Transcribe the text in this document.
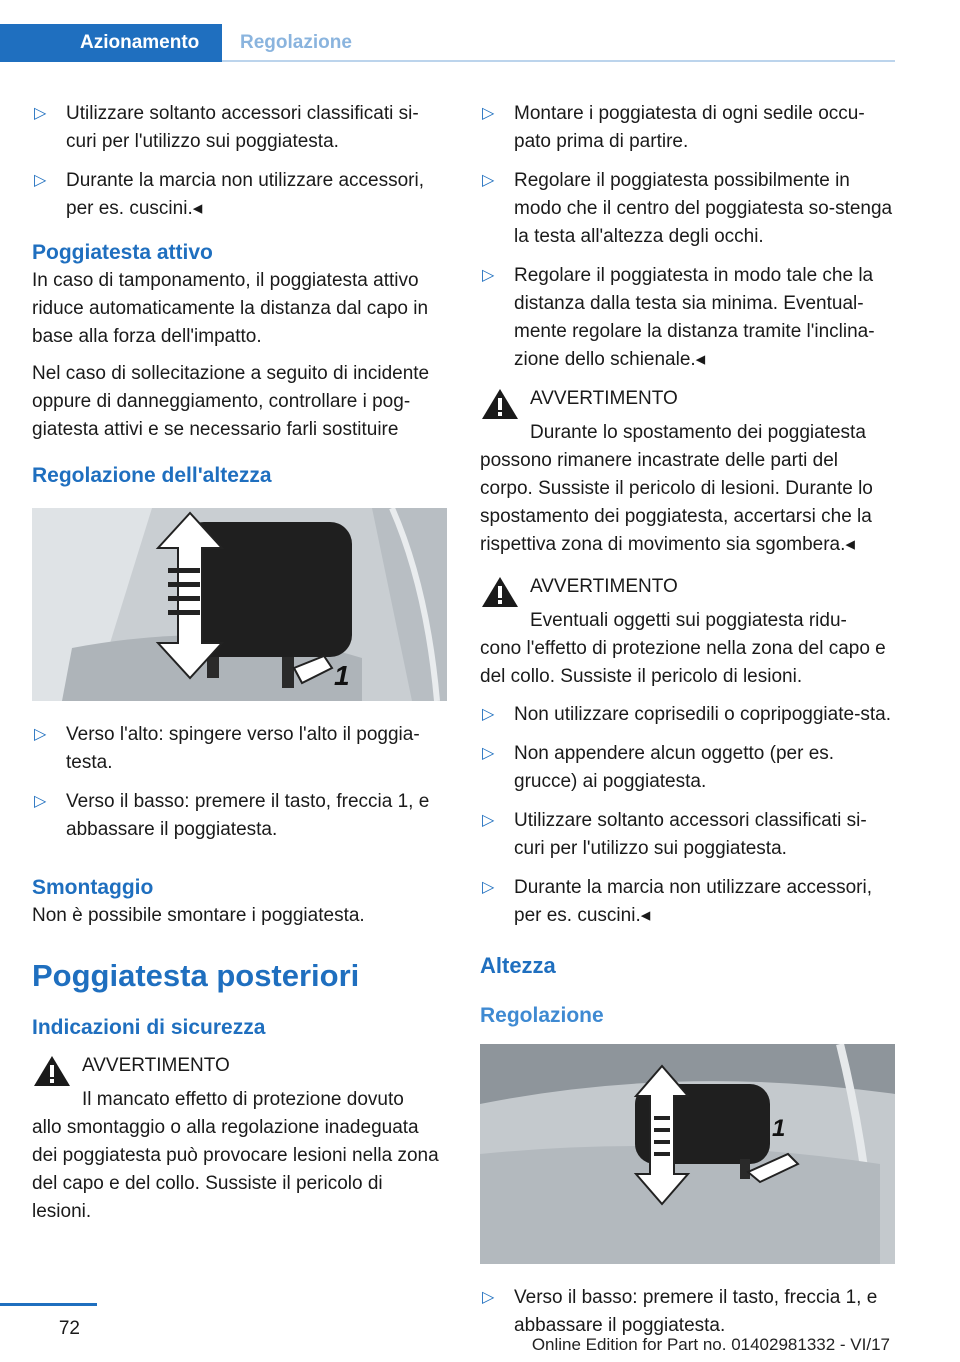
Azionamento	Regolazione
▷ Utilizzare soltanto accessori classificati si-curi per l'utilizzo sui poggiatesta.
▷ Durante la marcia non utilizzare accessori, per es. cuscini.◂
Poggiatesta attivo

In caso di tamponamento, il poggiatesta attivo riduce automaticamente la distanza dal capo in base alla forza dell'impatto.

Nel caso di sollecitazione a seguito di incidente oppure di danneggiamento, controllare i pog-giatesta attivi e se necessario farli sostituire

Regolazione dell'altezza
1
▷ Verso l'alto: spingere verso l'alto il poggia-testa.
▷ Verso il basso: premere il tasto, freccia 1, e abbassare il poggiatesta.
Smontaggio

Non è possibile smontare i poggiatesta.

Poggiatesta posteriori
Indicazioni di sicurezza
AVVERTIMENTO
Il mancato effetto di protezione dovuto
allo smontaggio o alla regolazione inadeguata dei poggiatesta può provocare lesioni nella zona del capo e del collo. Sussiste il pericolo di lesioni.
▷ Montare i poggiatesta di ogni sedile occu-pato prima di partire.
▷ Regolare il poggiatesta possibilmente in modo che il centro del poggiatesta so-stenga la testa all'altezza degli occhi.
▷ Regolare il poggiatesta in modo tale che la distanza dalla testa sia minima. Eventual-mente regolare la distanza tramite l'inclina-zione dello schienale.◂
AVVERTIMENTO
Durante lo spostamento dei poggiatesta
possono rimanere incastrate delle parti del corpo. Sussiste il pericolo di lesioni. Durante lo spostamento dei poggiatesta, accertarsi che la rispettiva zona di movimento sia sgombera.◂
AVVERTIMENTO
Eventuali oggetti sui poggiatesta ridu-
cono l'effetto di protezione nella zona del capo e del collo. Sussiste il pericolo di lesioni.
▷ Non utilizzare coprisedili o copripoggiate-sta.
▷ Non appendere alcun oggetto (per es. grucce) ai poggiatesta.
▷ Utilizzare soltanto accessori classificati si-curi per l'utilizzo sui poggiatesta.
▷ Durante la marcia non utilizzare accessori, per es. cuscini.◂
Altezza
Regolazione
1
▷ Verso il basso: premere il tasto, freccia 1, e abbassare il poggiatesta.
72
Online Edition for Part no. 01402981332 - VI/17
